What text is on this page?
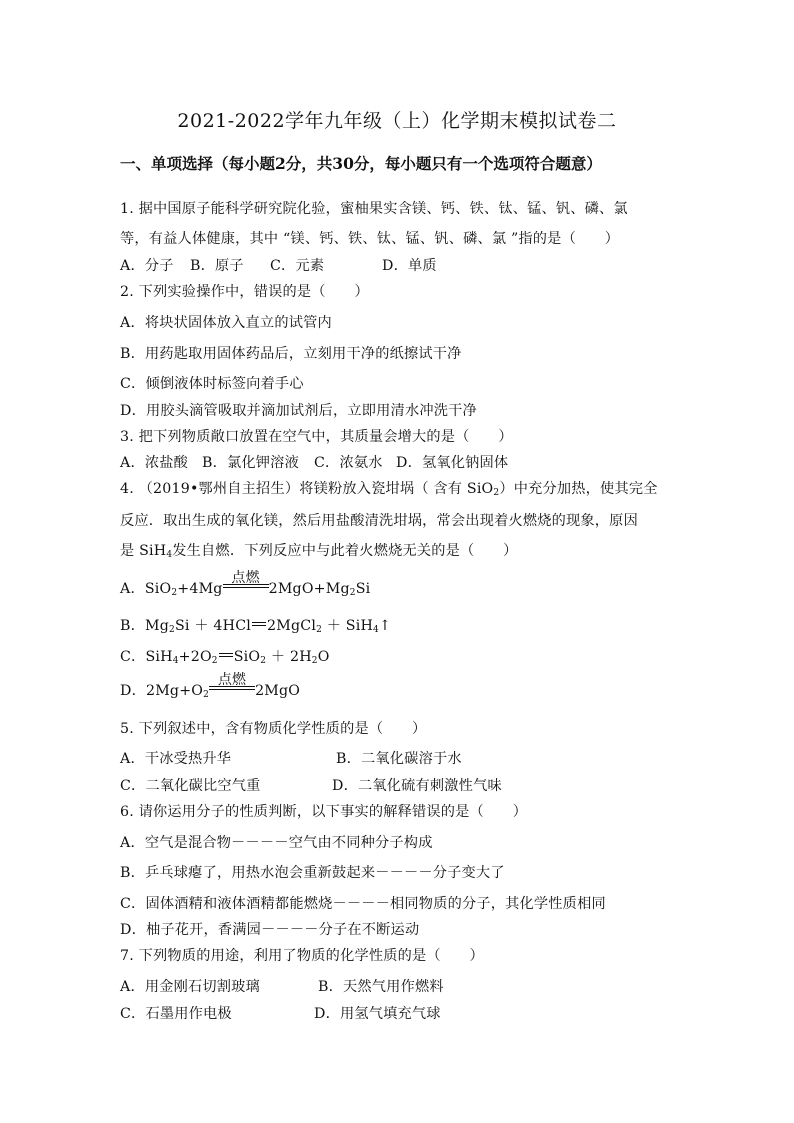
2021-2022学年九年级（上）化学期末模拟试卷二
一、单项选择（每小题2分，共30分，每小题只有一个选项符合题意）
1. 据中国原子能科学研究院化验，蜜柚果实含镁、钙、铁、钛、锰、钒、磷、氯
等，有益人体健康，其中 “镁、钙、铁、钛、锰、钒、磷、氯 ”指的是（　　）
A．分子 B．原子 C．元素	D．单质
2. 下列实验操作中，错误的是（　　）
A．将块状固体放入直立的试管内
B．用药匙取用固体药品后，立刻用干净的纸擦试干净
C．倾倒液体时标签向着手心
D．用胶头滴管吸取并滴加试剂后，立即用清水冲洗干净
3. 把下列物质敞口放置在空气中，其质量会增大的是（　　）
A．浓盐酸 B．氯化钾溶液 C．浓氨水 D．氢氧化钠固体
4. （2019•鄂州自主招生）将镁粉放入瓷坩埚（ 含有 SiO$_2$）中充分加热，使其完全
反应．取出生成的氧化镁，然后用盐酸清洗坩埚，常会出现着火燃烧的现象，原因
是 SiH$_4$发生自燃．下列反应中与此着火燃烧无关的是（　　）
A．SiO$_2$+4Mg
点燃
$2MgO+Mg_2Si$
B．$Mg_2Si + 4HCl$ 2MgCl$_2$ ＋ SiH$_4$↑
C．$SiH_4+2O_2$ $SiO_2 + 2H_2O$
D．$2Mg+O_2$
点燃
2MgO
5. 下列叙述中，含有物质化学性质的是（　　）
A．干冰受热升华	B．二氧化碳溶于水
C．二氧化碳比空气重	D．二氧化硫有刺激性气味
6. 请你运用分子的性质判断，以下事实的解释错误的是（　　）
A．空气是混合物－－－－空气由不同种分子构成
B．乒乓球瘪了，用热水泡会重新鼓起来－－－－分子变大了
C．固体酒精和液体酒精都能燃烧－－－－相同物质的分子，其化学性质相同
D．柚子花开，香满园－－－－分子在不断运动
7. 下列物质的用途，利用了物质的化学性质的是（　　）
A．用金刚石切割玻璃	B．天然气用作燃料
C．石墨用作电极	D．用氢气填充气球
